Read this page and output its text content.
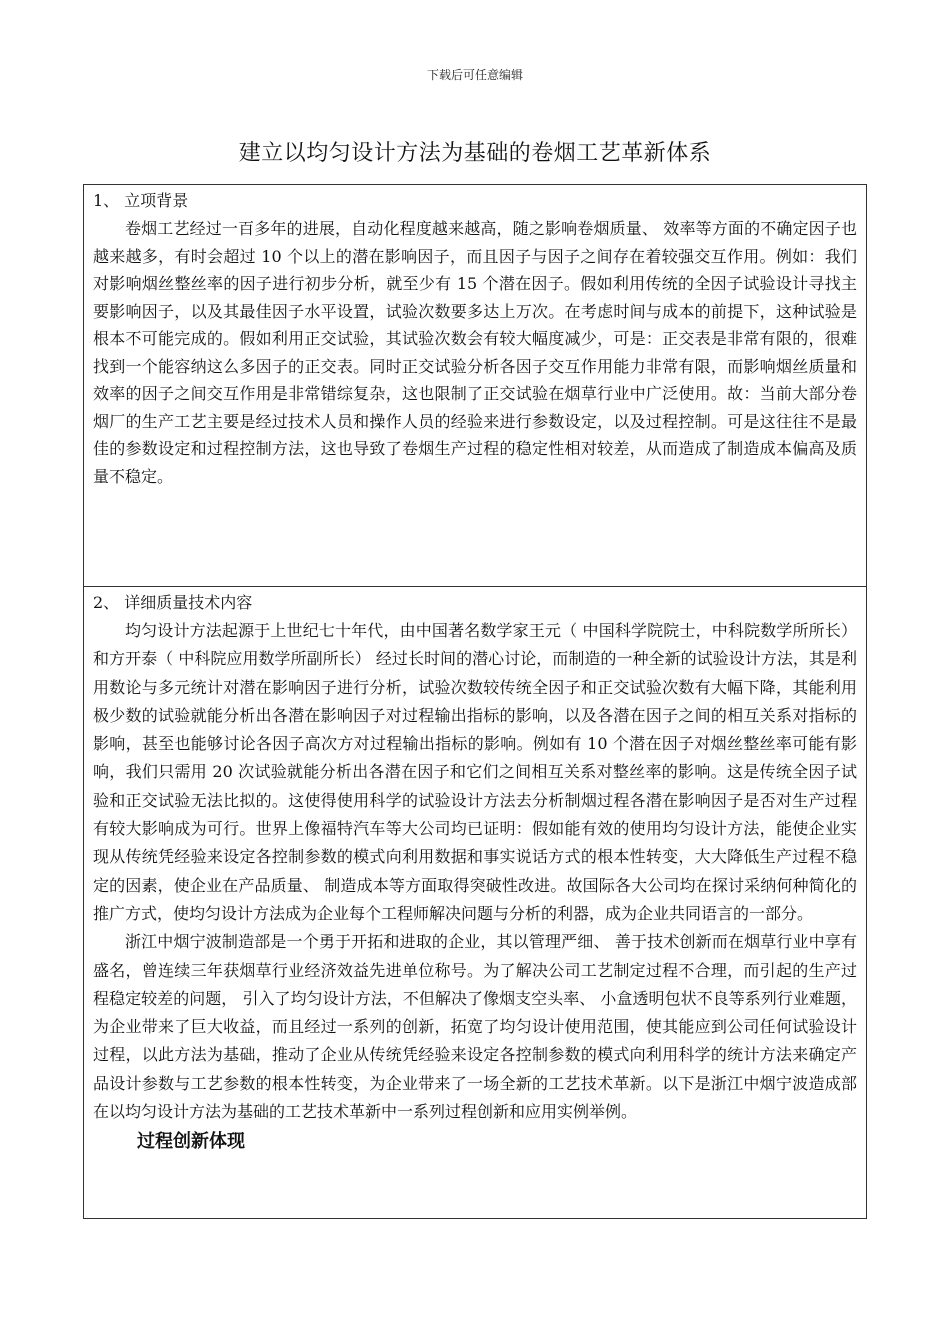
下载后可任意编辑
建立以均匀设计方法为基础的卷烟工艺革新体系
1、 立项背景

卷烟工艺经过一百多年的进展，自动化程度越来越高，随之影响卷烟质量、 效率等方面的不确定因子也越来越多，有时会超过 10 个以上的潜在影响因子，而且因子与因子之间存在着较强交互作用。例如：我们对影响烟丝整丝率的因子进行初步分析，就至少有 15 个潜在因子。假如利用传统的全因子试验设计寻找主要影响因子，以及其最佳因子水平设置，试验次数要多达上万次。在考虑时间与成本的前提下，这种试验是根本不可能完成的。假如利用正交试验，其试验次数会有较大幅度减少，可是：正交表是非常有限的，很难找到一个能容纳这么多因子的正交表。同时正交试验分析各因子交互作用能力非常有限，而影响烟丝质量和效率的因子之间交互作用是非常错综复杂，这也限制了正交试验在烟草行业中广泛使用。故：当前大部分卷烟厂的生产工艺主要是经过技术人员和操作人员的经验来进行参数设定，以及过程控制。可是这往往不是最佳的参数设定和过程控制方法，这也导致了卷烟生产过程的稳定性相对较差，从而造成了制造成本偏高及质量不稳定。

2、 详细质量技术内容

均匀设计方法起源于上世纪七十年代，由中国著名数学家王元（ 中国科学院院士，中科院数学所所长） 和方开泰（ 中科院应用数学所副所长） 经过长时间的潜心讨论，而制造的一种全新的试验设计方法，其是利用数论与多元统计对潜在影响因子进行分析，试验次数较传统全因子和正交试验次数有大幅下降，其能利用极少数的试验就能分析出各潜在影响因子对过程输出指标的影响，以及各潜在因子之间的相互关系对指标的影响，甚至也能够讨论各因子高次方对过程输出指标的影响。例如有 10 个潜在因子对烟丝整丝率可能有影响，我们只需用 20 次试验就能分析出各潜在因子和它们之间相互关系对整丝率的影响。这是传统全因子试验和正交试验无法比拟的。这使得使用科学的试验设计方法去分析制烟过程各潜在影响因子是否对生产过程有较大影响成为可行。世界上像福特汽车等大公司均已证明：假如能有效的使用均匀设计方法，能使企业实现从传统凭经验来设定各控制参数的模式向利用数据和事实说话方式的根本性转变，大大降低生产过程不稳定的因素，使企业在产品质量、 制造成本等方面取得突破性改进。故国际各大公司均在探讨采纳何种简化的推广方式，使均匀设计方法成为企业每个工程师解决问题与分析的利器，成为企业共同语言的一部分。

浙江中烟宁波制造部是一个勇于开拓和进取的企业，其以管理严细、 善于技术创新而在烟草行业中享有盛名，曾连续三年获烟草行业经济效益先进单位称号。为了解决公司工艺制定过程不合理，而引起的生产过程稳定较差的问题， 引入了均匀设计方法，不但解决了像烟支空头率、 小盒透明包状不良等系列行业难题，为企业带来了巨大收益，而且经过一系列的创新，拓宽了均匀设计使用范围，使其能应到公司任何试验设计过程，以此方法为基础，推动了企业从传统凭经验来设定各控制参数的模式向利用科学的统计方法来确定产品设计参数与工艺参数的根本性转变，为企业带来了一场全新的工艺技术革新。以下是浙江中烟宁波造成部在以均匀设计方法为基础的工艺技术革新中一系列过程创新和应用实例举例。

过程创新体现
